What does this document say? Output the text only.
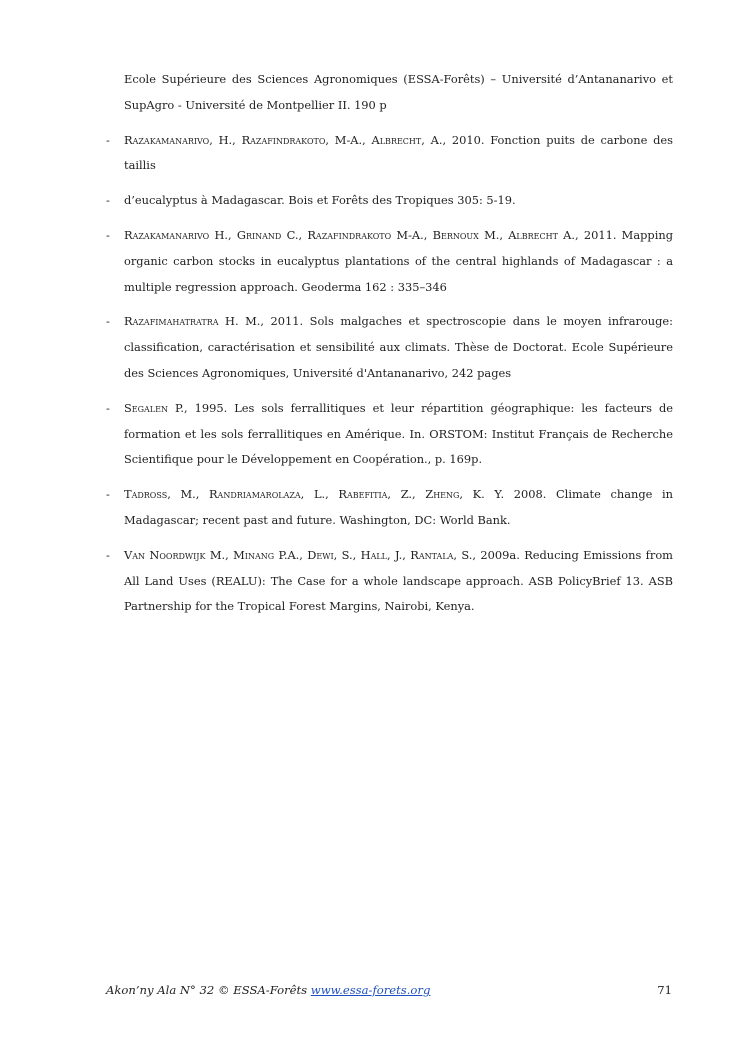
Ecole Supérieure des Sciences Agronomiques (ESSA-Forêts) – Université d’Antananarivo et SupAgro - Université de Montpellier II. 190 p

- Razakamanarivo, H., Razafindrakoto, M-A., Albrecht, A., 2010. Fonction puits de carbone des taillis

- d’eucalyptus à Madagascar. Bois et Forêts des Tropiques 305: 5-19.

- Razakamanarivo H., Grinand C., Razafindrakoto M-A., Bernoux M., Albrecht A., 2011. Mapping organic carbon stocks in eucalyptus plantations of the central highlands of Madagascar : a multiple regression approach. Geoderma 162 : 335–346

- Razafimahatratra H. M., 2011. Sols malgaches et spectroscopie dans le moyen infrarouge: classification, caractérisation et sensibilité aux climats. Thèse de Doctorat. Ecole Supérieure des Sciences Agronomiques, Université d'Antananarivo, 242 pages

- Segalen P., 1995. Les sols ferrallitiques et leur répartition géographique: les facteurs de formation et les sols ferrallitiques en Amérique. In. ORSTOM: Institut Français de Recherche Scientifique pour le Développement en Coopération., p. 169p.

- Tadross, M., Randriamarolaza, L., Rabefitia, Z., Zheng, K. Y. 2008. Climate change in Madagascar; recent past and future. Washington, DC: World Bank.

- Van Noordwijk M., Minang P.A., Dewi, S., Hall, J., Rantala, S., 2009a. Reducing Emissions from All Land Uses (REALU): The Case for a whole landscape approach. ASB PolicyBrief 13. ASB Partnership for the Tropical Forest Margins, Nairobi, Kenya.

Akon’ny Ala N° 32 © ESSA-Forêts www.essa-forets.org	71
